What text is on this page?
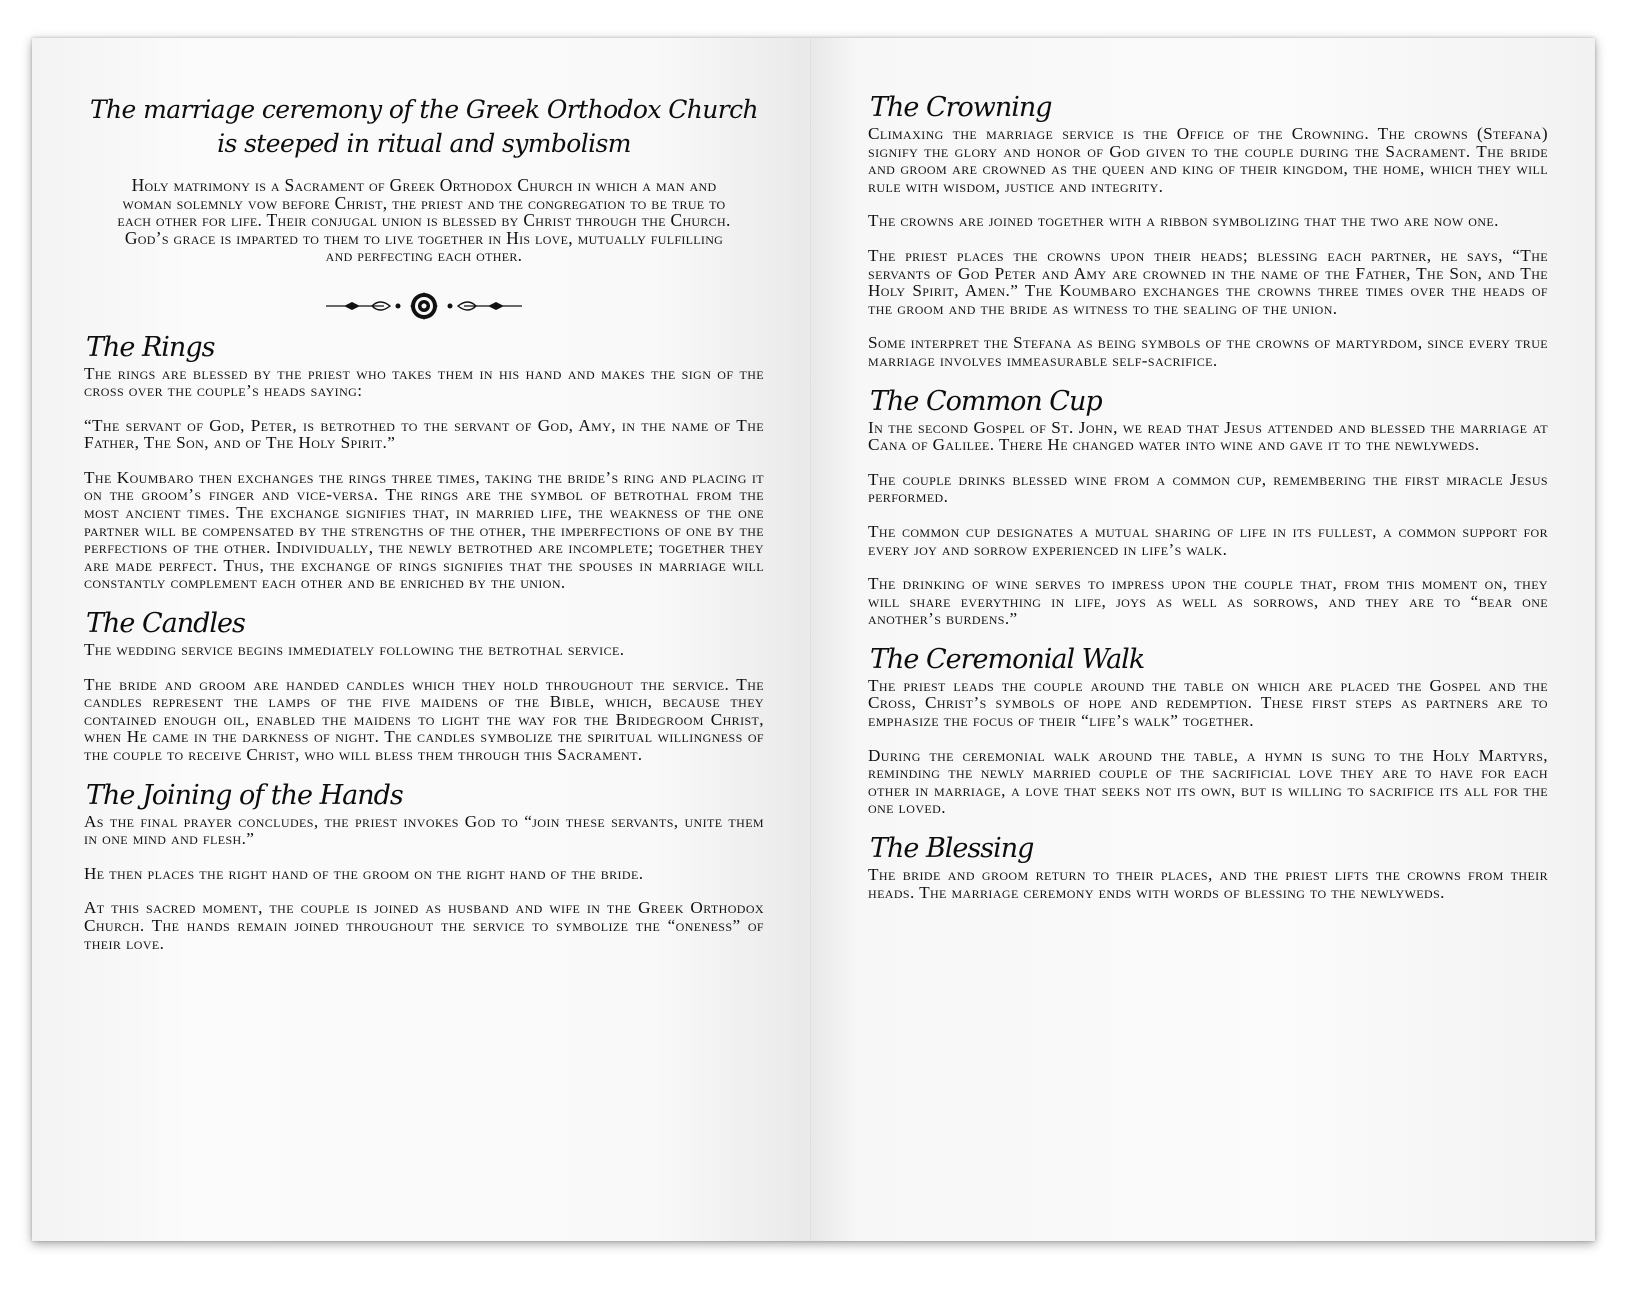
The marriage ceremony of the Greek Orthodox Church
is steeped in ritual and symbolism
Holy matrimony is a Sacrament of Greek Orthodox Church in which a man and woman solemnly vow before Christ, the priest and the congregation to be true to each other for life. Their conjugal union is blessed by Christ through the Church. God’s grace is imparted to them to live together in His love, mutually fulfilling and perfecting each other.
The Rings
The rings are blessed by the priest who takes them in his hand and makes the sign of the cross over the couple’s heads saying:
“The servant of God, Peter, is betrothed to the servant of God, Amy, in the name of The Father, The Son, and of The Holy Spirit.”
The Koumbaro then exchanges the rings three times, taking the bride’s ring and placing it on the groom’s finger and vice-versa. The rings are the symbol of betrothal from the most ancient times. The exchange signifies that, in married life, the weakness of the one partner will be compensated by the strengths of the other, the imperfections of one by the perfections of the other. Individually, the newly betrothed are incomplete; together they are made perfect. Thus, the exchange of rings signifies that the spouses in marriage will constantly complement each other and be enriched by the union.
The Candles
The wedding service begins immediately following the betrothal service.
The bride and groom are handed candles which they hold throughout the service. The candles represent the lamps of the five maidens of the Bible, which, because they contained enough oil, enabled the maidens to light the way for the Bridegroom Christ, when He came in the darkness of night. The candles symbolize the spiritual willingness of the couple to receive Christ, who will bless them through this Sacrament.
The Joining of the Hands
As the final prayer concludes, the priest invokes God to “join these servants, unite them in one mind and flesh.”
He then places the right hand of the groom on the right hand of the bride.
At this sacred moment, the couple is joined as husband and wife in the Greek Orthodox Church. The hands remain joined throughout the service to symbolize the “oneness” of their love.
The Crowning
Climaxing the marriage service is the Office of the Crowning. The crowns (Stefana) signify the glory and honor of God given to the couple during the Sacrament. The bride and groom are crowned as the queen and king of their kingdom, the home, which they will rule with wisdom, justice and integrity.
The crowns are joined together with a ribbon symbolizing that the two are now one.
The priest places the crowns upon their heads; blessing each partner, he says, “The servants of God Peter and Amy are crowned in the name of the Father, The Son, and The Holy Spirit, Amen.” The Koumbaro exchanges the crowns three times over the heads of the groom and the bride as witness to the sealing of the union.
Some interpret the Stefana as being symbols of the crowns of martyrdom, since every true marriage involves immeasurable self-sacrifice.
The Common Cup
In the second Gospel of St. John, we read that Jesus attended and blessed the marriage at Cana of Galilee. There He changed water into wine and gave it to the newlyweds.
The couple drinks blessed wine from a common cup, remembering the first miracle Jesus performed.
The common cup designates a mutual sharing of life in its fullest, a common support for every joy and sorrow experienced in life’s walk.
The drinking of wine serves to impress upon the couple that, from this moment on, they will share everything in life, joys as well as sorrows, and they are to “bear one another’s burdens.”
The Ceremonial Walk
The priest leads the couple around the table on which are placed the Gospel and the Cross, Christ’s symbols of hope and redemption. These first steps as partners are to emphasize the focus of their “life’s walk” together.
During the ceremonial walk around the table, a hymn is sung to the Holy Martyrs, reminding the newly married couple of the sacrificial love they are to have for each other in marriage, a love that seeks not its own, but is willing to sacrifice its all for the one loved.
The Blessing
The bride and groom return to their places, and the priest lifts the crowns from their heads. The marriage ceremony ends with words of blessing to the newlyweds.
